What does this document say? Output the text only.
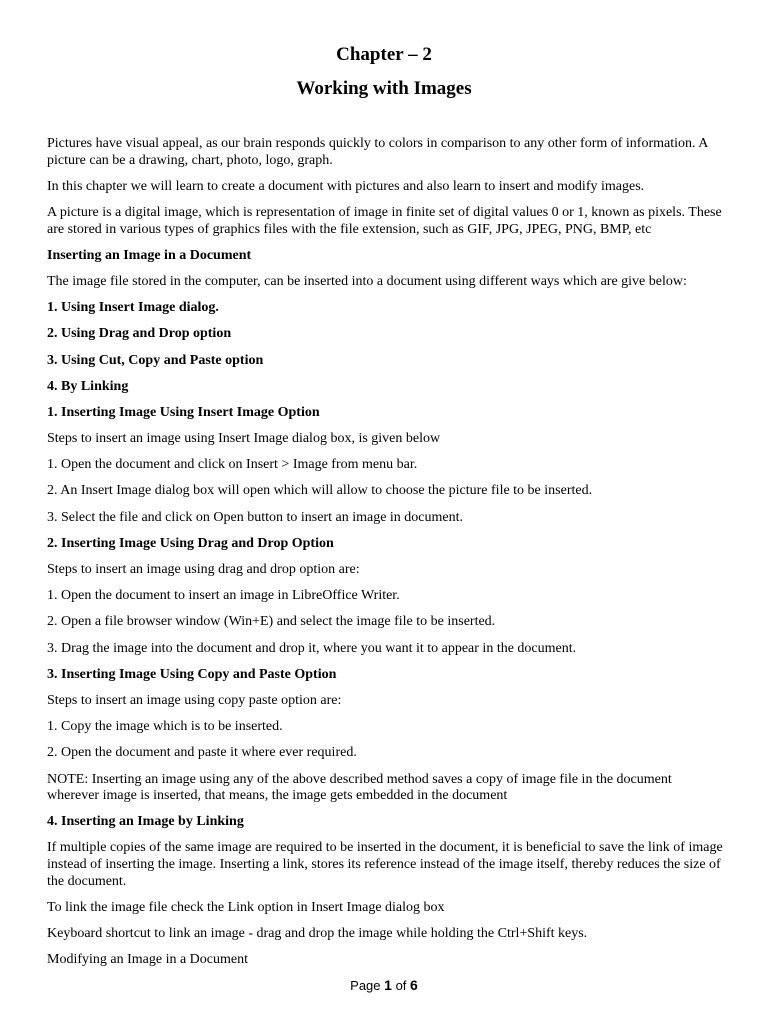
Chapter – 2
Working with Images

Pictures have visual appeal, as our brain responds quickly to colors in comparison to any other form of information. A picture can be a drawing, chart, photo, logo, graph.

In this chapter we will learn to create a document with pictures and also learn to insert and modify images.

A picture is a digital image, which is representation of image in finite set of digital values 0 or 1, known as pixels. These are stored in various types of graphics files with the file extension, such as GIF, JPG, JPEG, PNG, BMP, etc

Inserting an Image in a Document

The image file stored in the computer, can be inserted into a document using different ways which are give below:

1. Using Insert Image dialog.

2. Using Drag and Drop option

3. Using Cut, Copy and Paste option

4. By Linking

1. Inserting Image Using Insert Image Option

Steps to insert an image using Insert Image dialog box, is given below

1. Open the document and click on Insert > Image from menu bar.

2. An Insert Image dialog box will open which will allow to choose the picture file to be inserted.

3. Select the file and click on Open button to insert an image in document.

2. Inserting Image Using Drag and Drop Option

Steps to insert an image using drag and drop option are:

1. Open the document to insert an image in LibreOffice Writer.

2. Open a file browser window (Win+E) and select the image file to be inserted.

3. Drag the image into the document and drop it, where you want it to appear in the document.

3. Inserting Image Using Copy and Paste Option

Steps to insert an image using copy paste option are:

1. Copy the image which is to be inserted.

2. Open the document and paste it where ever required.

NOTE: Inserting an image using any of the above described method saves a copy of image file in the document wherever image is inserted, that means, the image gets embedded in the document

4. Inserting an Image by Linking

If multiple copies of the same image are required to be inserted in the document, it is beneficial to save the link of image instead of inserting the image. Inserting a link, stores its reference instead of the image itself, thereby reduces the size of the document.

To link the image file check the Link option in Insert Image dialog box

Keyboard shortcut to link an image - drag and drop the image while holding the Ctrl+Shift keys.

Modifying an Image in a Document

Page 1 of 6
